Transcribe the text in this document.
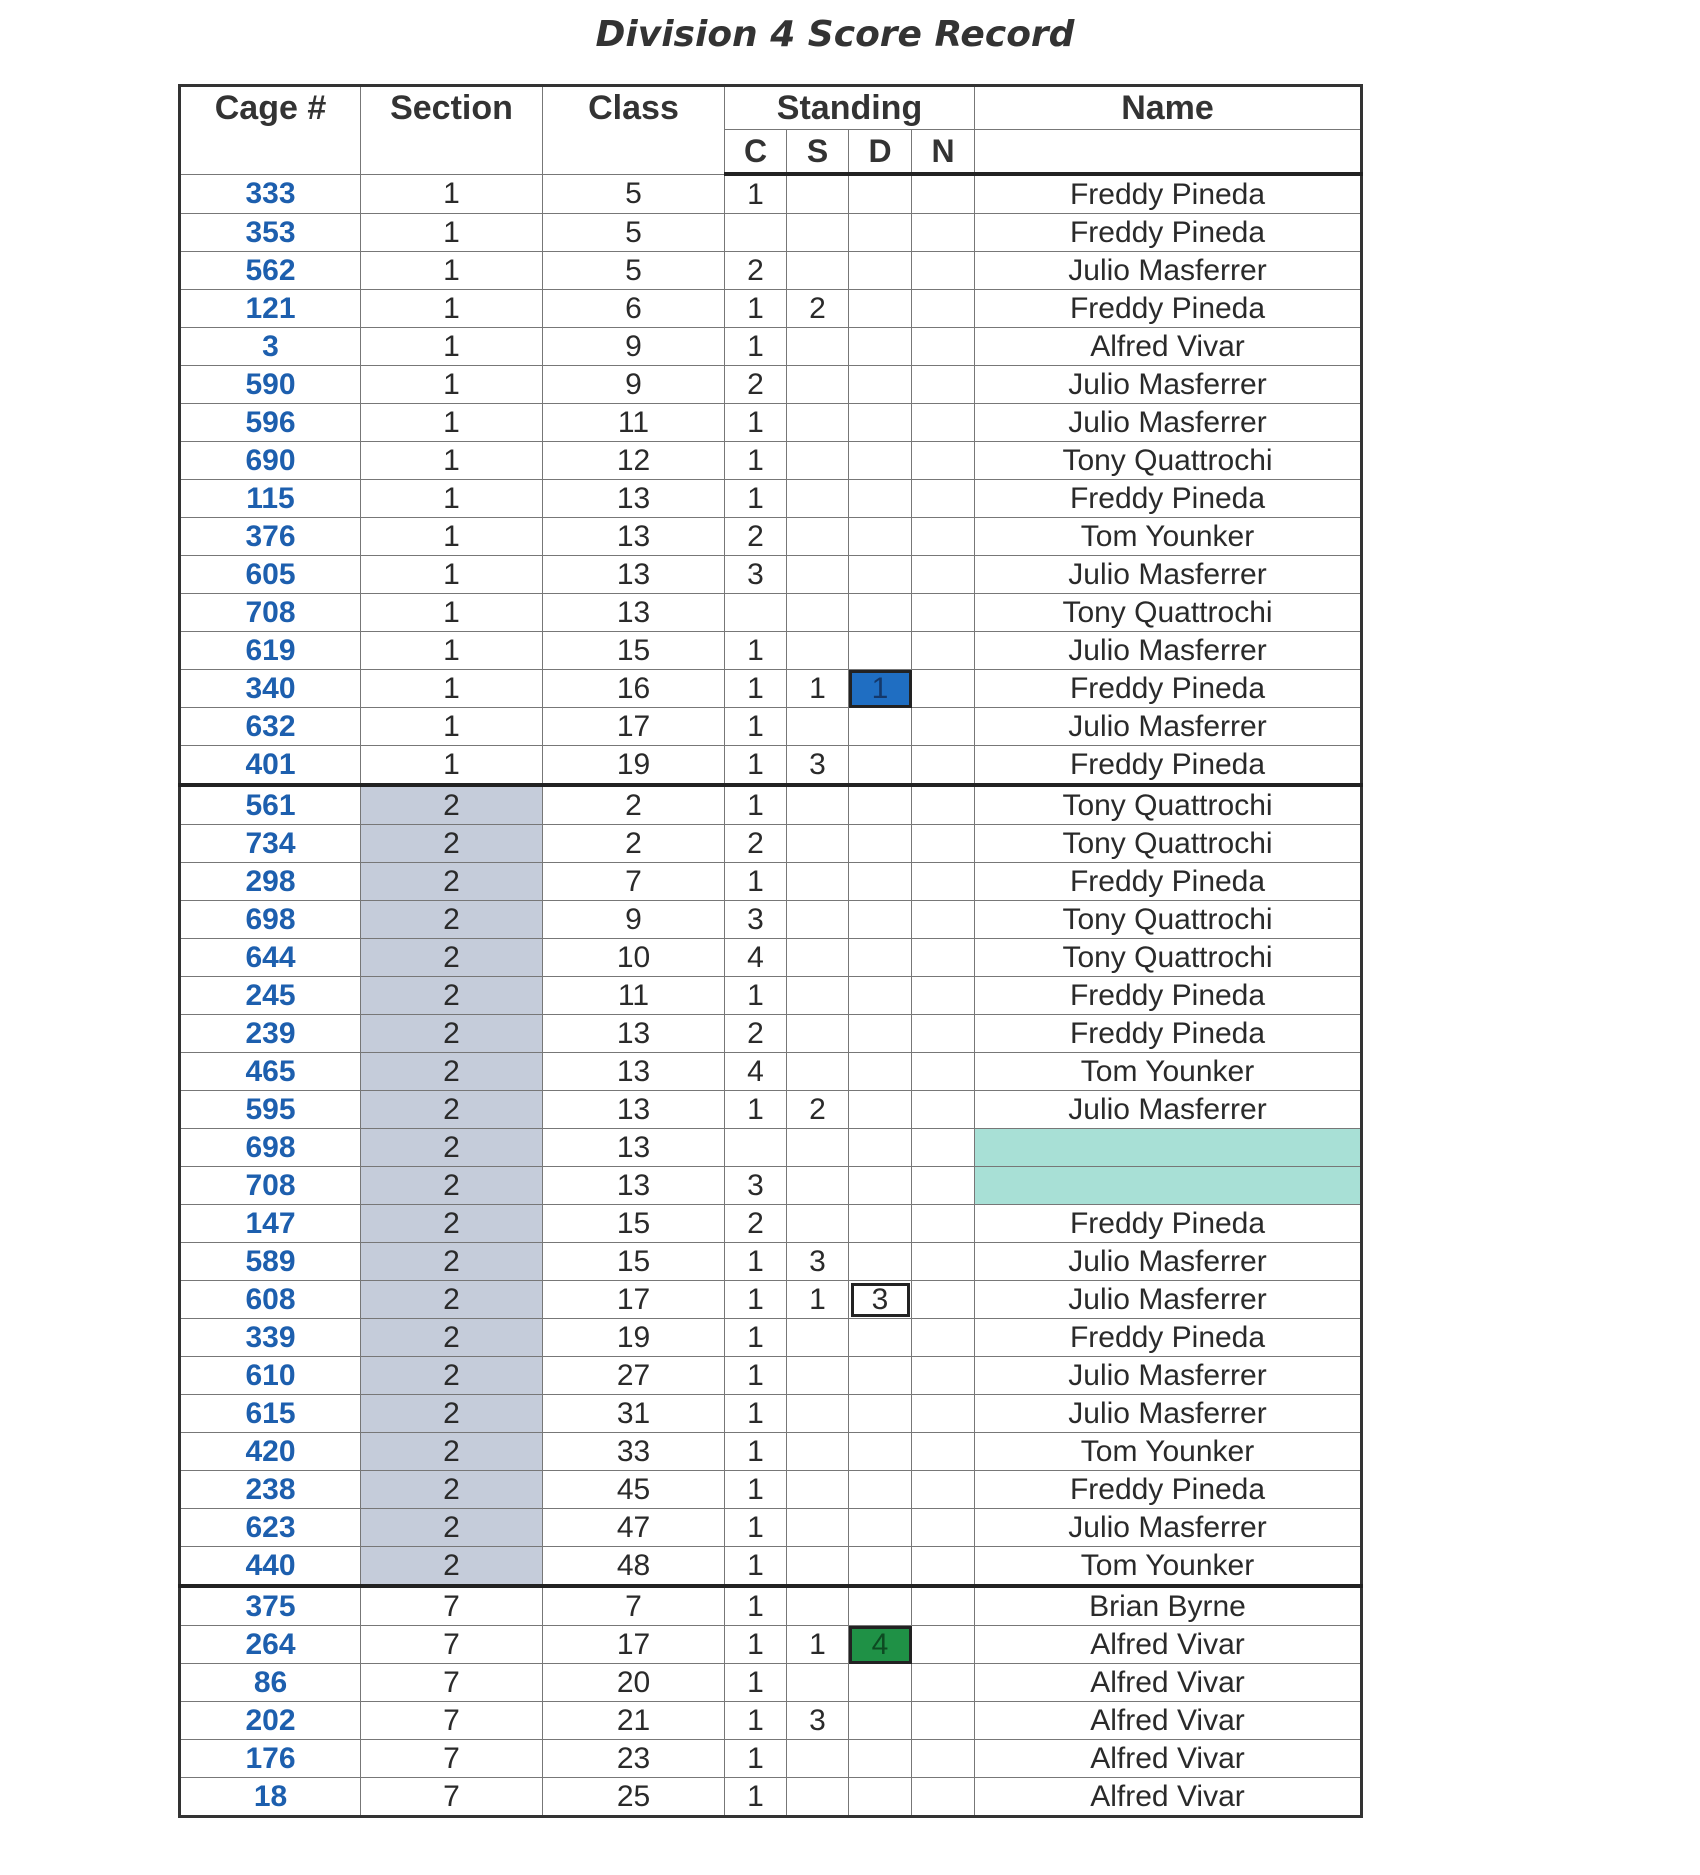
Division 4 Score Record
Cage #	Section	Class	Standing				Name
			C	S	D	N	
333	1	5	1				Freddy Pineda
353	1	5					Freddy Pineda
562	1	5	2				Julio Masferrer
121	1	6	1	2			Freddy Pineda
3	1	9	1				Alfred Vivar
590	1	9	2				Julio Masferrer
596	1	11	1				Julio Masferrer
690	1	12	1				Tony Quattrochi
115	1	13	1				Freddy Pineda
376	1	13	2				Tom Younker
605	1	13	3				Julio Masferrer
708	1	13					Tony Quattrochi
619	1	15	1				Julio Masferrer
340	1	16	1	1	1		Freddy Pineda
632	1	17	1				Julio Masferrer
401	1	19	1	3			Freddy Pineda
561	2	2	1				Tony Quattrochi
734	2	2	2				Tony Quattrochi
298	2	7	1				Freddy Pineda
698	2	9	3				Tony Quattrochi
644	2	10	4				Tony Quattrochi
245	2	11	1				Freddy Pineda
239	2	13	2				Freddy Pineda
465	2	13	4				Tom Younker
595	2	13	1	2			Julio Masferrer
698	2	13					
708	2	13	3				
147	2	15	2				Freddy Pineda
589	2	15	1	3			Julio Masferrer
608	2	17	1	1	3		Julio Masferrer
339	2	19	1				Freddy Pineda
610	2	27	1				Julio Masferrer
615	2	31	1				Julio Masferrer
420	2	33	1				Tom Younker
238	2	45	1				Freddy Pineda
623	2	47	1				Julio Masferrer
440	2	48	1				Tom Younker
375	7	7	1				Brian Byrne
264	7	17	1	1	4		Alfred Vivar
86	7	20	1				Alfred Vivar
202	7	21	1	3			Alfred Vivar
176	7	23	1				Alfred Vivar
18	7	25	1				Alfred Vivar
